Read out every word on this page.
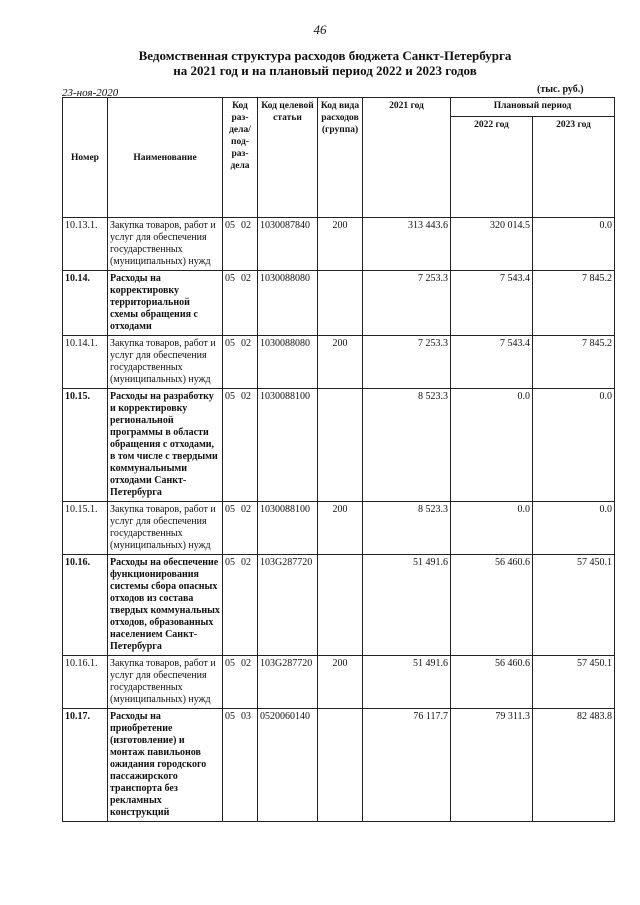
46
Ведомственная структура расходов бюджета Санкт-Петербурга
на 2021 год и на плановый период 2022 и 2023 годов
23-ноя-2020	(тыс. руб.)
Номер	Наименование	Код раз- дела/ под- раз- дела	Код целевой статьи	Код вида расходов (группа)	2021 год	Плановый период	
						2022 год	2023 год
10.13.1.	Закупка товаров, работ и услуг для обеспечения государственных (муниципальных) нужд	05 02	1030087840	200	313 443.6	320 014.5	0.0
10.14.	Расходы на корректировку территориальной схемы обращения с отходами	05 02	1030088080		7 253.3	7 543.4	7 845.2
10.14.1.	Закупка товаров, работ и услуг для обеспечения государственных (муниципальных) нужд	05 02	1030088080	200	7 253.3	7 543.4	7 845.2
10.15.	Расходы на разработку и корректировку региональной программы в области обращения с отходами, в том числе с твердыми коммунальными отходами Санкт-Петербурга	05 02	1030088100		8 523.3	0.0	0.0
10.15.1.	Закупка товаров, работ и услуг для обеспечения государственных (муниципальных) нужд	05 02	1030088100	200	8 523.3	0.0	0.0
10.16.	Расходы на обеспечение функционирования системы сбора опасных отходов из состава твердых коммунальных отходов, образованных населением Санкт-Петербурга	05 02	103G287720		51 491.6	56 460.6	57 450.1
10.16.1.	Закупка товаров, работ и услуг для обеспечения государственных (муниципальных) нужд	05 02	103G287720	200	51 491.6	56 460.6	57 450.1
10.17.	Расходы на приобретение (изготовление) и монтаж павильонов ожидания городского пассажирского транспорта без рекламных конструкций	05 03	0520060140		76 117.7	79 311.3	82 483.8
